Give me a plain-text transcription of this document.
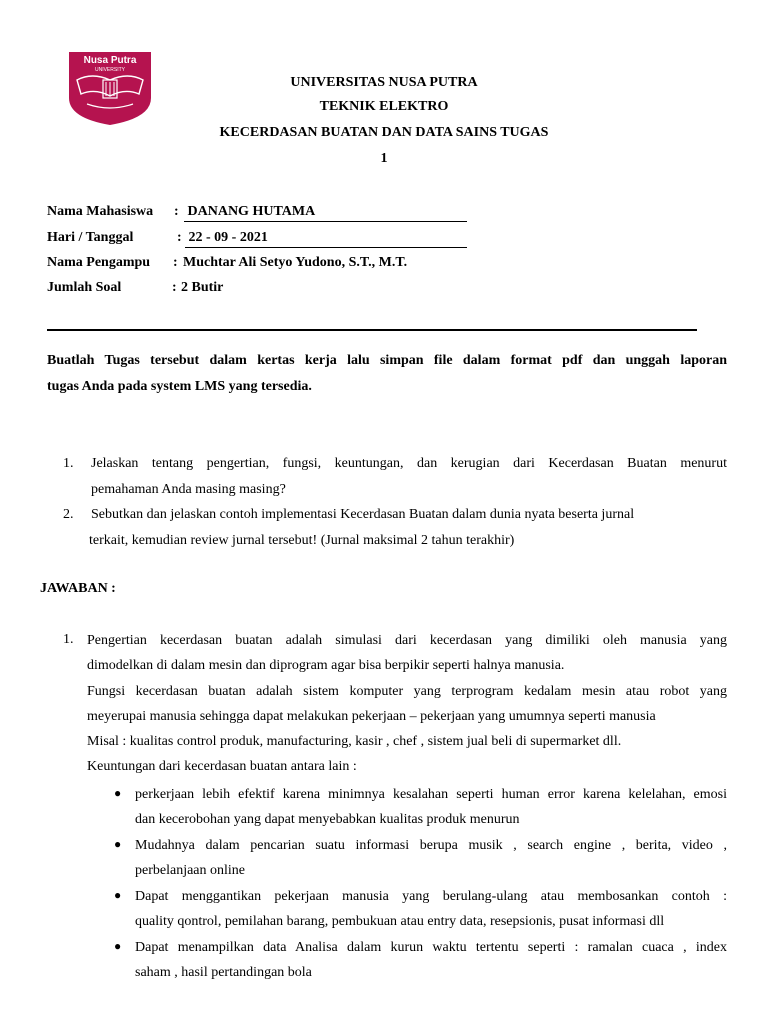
Nusa Putra
UNIVERSITY
UNIVERSITAS NUSA PUTRA
TEKNIK ELEKTRO
KECERDASAN BUATAN DAN DATA SAINS TUGAS
1
Nama Mahasiswa : DANANG HUTAMA
Hari / Tanggal	: 22 - 09 - 2021
Nama Pengampu : Muchtar Ali Setyo Yudono, S.T., M.T.
Jumlah Soal	: 2 Butir
Buatlah Tugas tersebut dalam kertas kerja lalu simpan file dalam format pdf dan unggah laporan
tugas Anda pada system LMS yang tersedia.
1. Jelaskan tentang pengertian, fungsi, keuntungan, dan kerugian dari Kecerdasan Buatan menurut
pemahaman Anda masing masing?
2. Sebutkan dan jelaskan contoh implementasi Kecerdasan Buatan dalam dunia nyata beserta jurnal
terkait, kemudian review jurnal tersebut! (Jurnal maksimal 2 tahun terakhir)
JAWABAN :
1. Pengertian kecerdasan buatan adalah simulasi dari kecerdasan yang dimiliki oleh manusia yang
dimodelkan di dalam mesin dan diprogram agar bisa berpikir seperti halnya manusia.
Fungsi kecerdasan buatan adalah sistem komputer yang terprogram kedalam mesin atau robot yang
meyerupai manusia sehingga dapat melakukan pekerjaan – pekerjaan yang umumnya seperti manusia
Misal : kualitas control produk, manufacturing, kasir , chef , sistem jual beli di supermarket dll.
Keuntungan dari kecerdasan buatan antara lain :
● perkerjaan lebih efektif karena minimnya kesalahan seperti human error karena kelelahan, emosi
dan kecerobohan yang dapat menyebabkan kualitas produk menurun
● Mudahnya dalam pencarian suatu informasi berupa musik , search engine , berita, video ,
perbelanjaan online
● Dapat menggantikan pekerjaan manusia yang berulang-ulang atau membosankan contoh :
quality qontrol, pemilahan barang, pembukuan atau entry data, resepsionis, pusat informasi dll
● Dapat menampilkan data Analisa dalam kurun waktu tertentu seperti : ramalan cuaca , index
saham , hasil pertandingan bola
